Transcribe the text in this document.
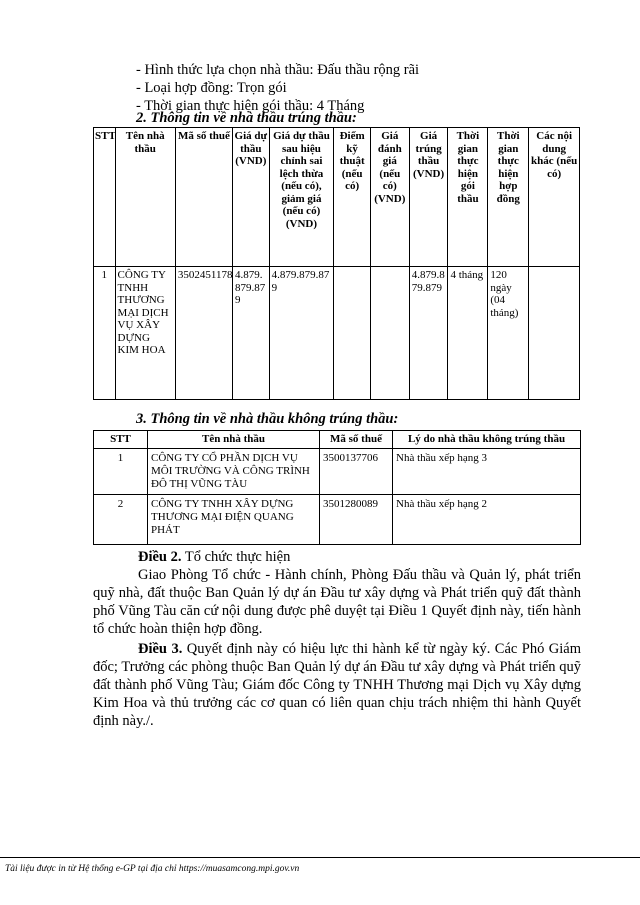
- Hình thức lựa chọn nhà thầu: Đấu thầu rộng rãi
- Loại hợp đồng: Trọn gói
- Thời gian thực hiện gói thầu: 4 Tháng
2. Thông tin về nhà thầu trúng thầu:
STT	Tên nhà thầu	Mã số thuế	Giá dự thầu (VND)	Giá dự thầu sau hiệu chỉnh sai lệch thừa (nếu có), giảm giá (nếu có) (VND)	Điểm kỹ thuật (nếu có)	Giá đánh giá (nếu có) (VND)	Giá trúng thầu (VND)	Thời gian thực hiện gói thầu	Thời gian thực hiện hợp đồng	Các nội dung khác (nếu có)
1	CÔNG TY TNHH THƯƠNG MẠI DỊCH VỤ XÂY DỰNG KIM HOA	3502451178	4.879.879.879	4.879.879.879			4.879.879.879	4 tháng	120 ngày (04 tháng)	
3. Thông tin về nhà thầu không trúng thầu:
STT	Tên nhà thầu	Mã số thuế	Lý do nhà thầu không trúng thầu
1	CÔNG TY CỔ PHẦN DỊCH VỤ MÔI TRƯỜNG VÀ CÔNG TRÌNH ĐÔ THỊ VŨNG TÀU	3500137706	Nhà thầu xếp hạng 3
2	CÔNG TY TNHH XÂY DỰNG THƯƠNG MẠI ĐIỆN QUANG PHÁT	3501280089	Nhà thầu xếp hạng 2
Điều 2. Tổ chức thực hiện
Giao Phòng Tổ chức - Hành chính, Phòng Đấu thầu và Quản lý, phát triển quỹ nhà, đất thuộc Ban Quản lý dự án Đầu tư xây dựng và Phát triển quỹ đất thành phố Vũng Tàu căn cứ nội dung được phê duyệt tại Điều 1 Quyết định này, tiến hành tổ chức hoàn thiện hợp đồng.
Điều 3. Quyết định này có hiệu lực thi hành kể từ ngày ký. Các Phó Giám đốc; Trưởng các phòng thuộc Ban Quản lý dự án Đầu tư xây dựng và Phát triển quỹ đất thành phố Vũng Tàu; Giám đốc Công ty TNHH Thương mại Dịch vụ Xây dựng Kim Hoa và thủ trưởng các cơ quan có liên quan chịu trách nhiệm thi hành Quyết định này./.
Tài liệu được in từ Hệ thống e-GP tại địa chỉ https://muasamcong.mpi.gov.vn
